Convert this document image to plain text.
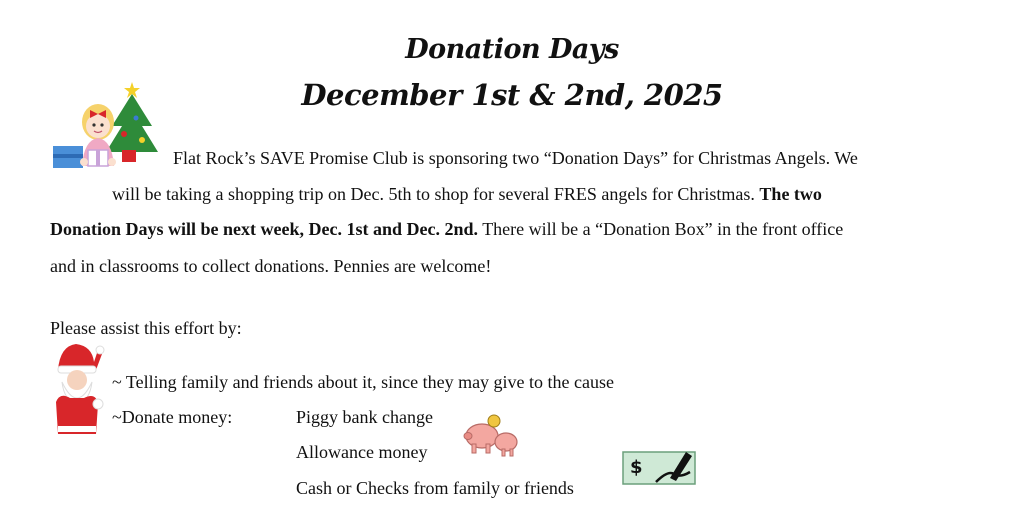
Donation Days
December 1st & 2nd, 2025
Flat Rock’s SAVE Promise Club is sponsoring two “Donation Days” for Christmas Angels. We
will be taking a shopping trip on Dec. 5th to shop for several FRES angels for Christmas. The two
Donation Days will be next week, Dec. 1st and Dec. 2nd. There will be a “Donation Box” in the front office
and in classrooms to collect donations. Pennies are welcome!
Please assist this effort by:
~ Telling family and friends about it, since they may give to the cause
~Donate money:	Piggy bank change
Allowance money
Cash or Checks from family or friends
$
